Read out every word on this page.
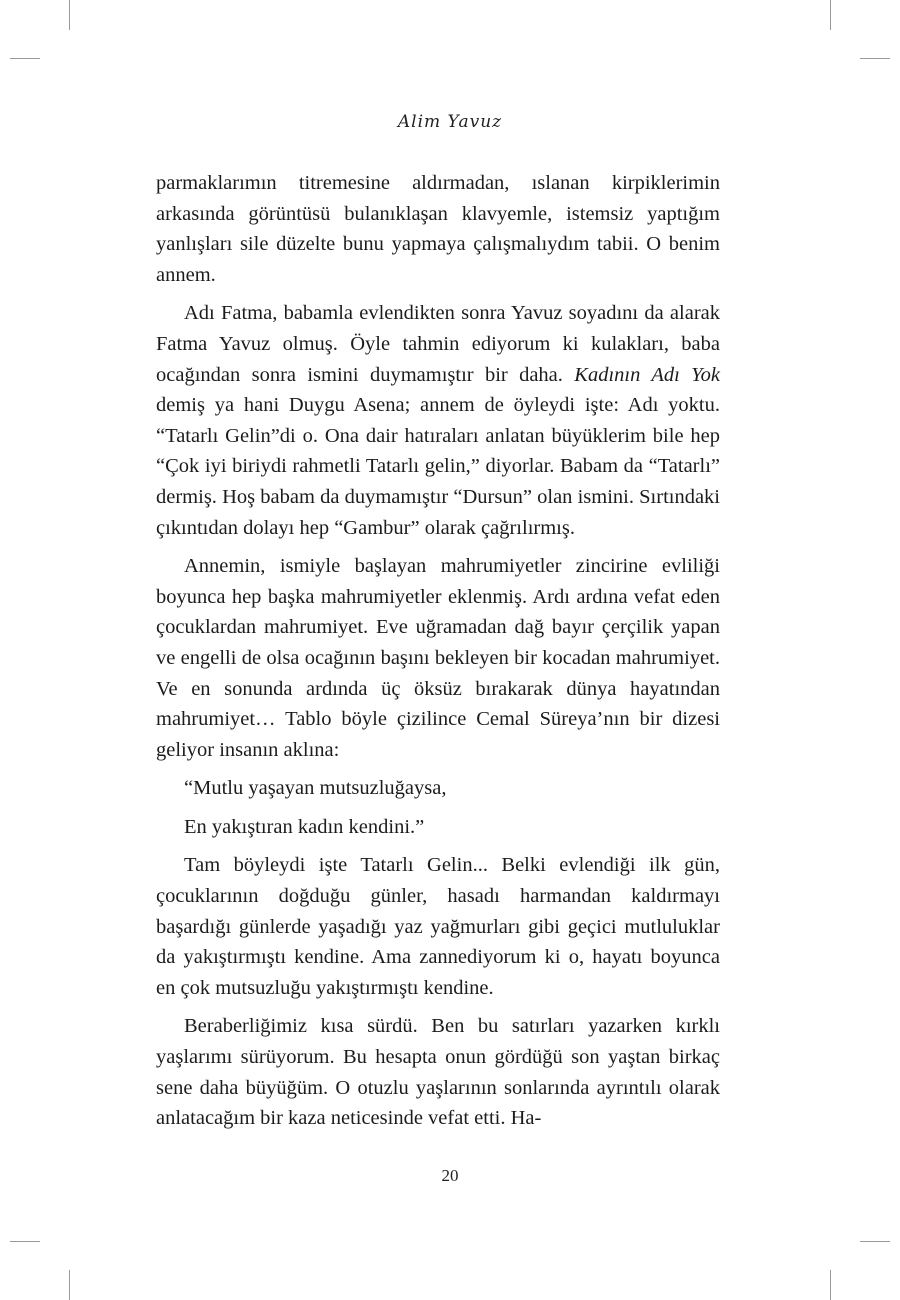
Alim Yavuz

parmaklarımın titremesine aldırmadan, ıslanan kirpiklerimin arkasında görüntüsü bulanıklaşan klavyemle, istemsiz yaptığım yanlışları sile düzelte bunu yapmaya çalışmalıydım tabii. O benim annem.

Adı Fatma, babamla evlendikten sonra Yavuz soyadını da alarak Fatma Yavuz olmuş. Öyle tahmin ediyorum ki kulakları, baba ocağından sonra ismini duymamıştır bir daha. Kadının Adı Yok demiş ya hani Duygu Asena; annem de öyleydi işte: Adı yoktu. “Tatarlı Gelin”di o. Ona dair hatıraları anlatan büyüklerim bile hep “Çok iyi biriydi rahmetli Tatarlı gelin,” diyorlar. Babam da “Tatarlı” dermiş. Hoş babam da duymamıştır “Dursun” olan ismini. Sırtındaki çıkıntıdan dolayı hep “Gambur” olarak çağrılırmış.

Annemin, ismiyle başlayan mahrumiyetler zincirine evliliği boyunca hep başka mahrumiyetler eklenmiş. Ardı ardına vefat eden çocuklardan mahrumiyet. Eve uğramadan dağ bayır çerçilik yapan ve engelli de olsa ocağının başını bekleyen bir kocadan mahrumiyet. Ve en sonunda ardında üç öksüz bırakarak dünya hayatından mahrumiyet… Tablo böyle çizilince Cemal Süreya’nın bir dizesi geliyor insanın aklına:

“Mutlu yaşayan mutsuzluğaysa,

En yakıştıran kadın kendini.”

Tam böyleydi işte Tatarlı Gelin... Belki evlendiği ilk gün, çocuklarının doğduğu günler, hasadı harmandan kaldırmayı başardığı günlerde yaşadığı yaz yağmurları gibi geçici mutluluklar da yakıştırmıştı kendine. Ama zannediyorum ki o, hayatı boyunca en çok mutsuzluğu yakıştırmıştı kendine.

Beraberliğimiz kısa sürdü. Ben bu satırları yazarken kırklı yaşlarımı sürüyorum. Bu hesapta onun gördüğü son yaştan birkaç sene daha büyüğüm. O otuzlu yaşlarının sonlarında ayrıntılı olarak anlatacağım bir kaza neticesinde vefat etti. Ha-

20
